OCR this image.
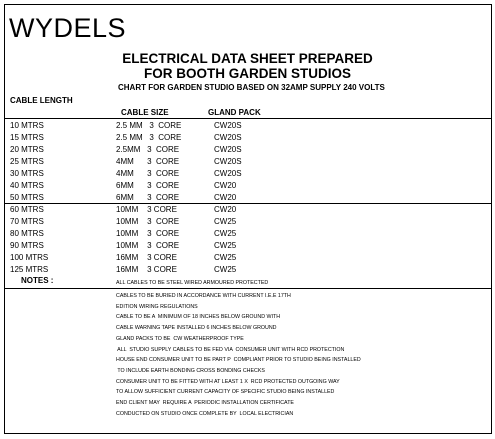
WYDELS
ELECTRICAL DATA SHEET PREPARED
FOR BOOTH GARDEN STUDIOS
CHART FOR GARDEN STUDIO BASED ON 32AMP SUPPLY 240 VOLTS
CABLE LENGTH
CABLE SIZE	GLAND PACK
10 MTRS	2.5 MM   3  CORE	CW20S
15 MTRS	2.5 MM   3  CORE	CW20S
20 MTRS	2.5MM   3  CORE	CW20S
25 MTRS	4MM      3  CORE	CW20S
30 MTRS	4MM      3  CORE	CW20S
40 MTRS	6MM      3  CORE	CW20
50 MTRS	6MM      3  CORE	CW20
60 MTRS	10MM    3 CORE	CW20
70 MTRS	10MM    3  CORE	CW25
80 MTRS	10MM    3  CORE	CW25
90 MTRS	10MM    3  CORE	CW25
100 MTRS	16MM    3 CORE	CW25
125 MTRS	16MM    3 CORE	CW25
NOTES :	ALL CABLES TO BE STEEL WIRED ARMOURED PROTECTED
CABLES TO BE BURIED IN ACCORDANCE WITH CURRENT I.E.E 17TH
EDITION WIRING REGULATIONS
CABLE TO BE A  MINIMUM OF 18 INCHES BELOW GROUND WITH
CABLE WARNING TAPE INSTALLED 6 INCHES BELOW GROUND
GLAND PACKS TO BE  CW WEATHERPROOF TYPE
ALL  STUDIO SUPPLY CABLES TO BE FED VIA  CONSUMER UNIT WITH RCD PROTECTION
HOUSE END CONSUMER UNIT TO BE PART P  COMPLIANT PRIOR TO STUDIO BEING INSTALLED
TO INCLUDE EARTH BONDING CROSS BONDING CHECKS
CONSUMER UNIT TO BE FITTED WITH AT LEAST 1 X  RCD PROTECTED OUTGOING WAY
TO ALLOW SUFFICIENT CURRENT CAPACITY OF SPECIFIC STUDIO BEING INSTALLED
END CLIENT MAY  REQUIRE A  PERIODIC INSTALLATION CERTIFICATE
CONDUCTED ON STUDIO ONCE COMPLETE BY  LOCAL ELECTRICIAN
